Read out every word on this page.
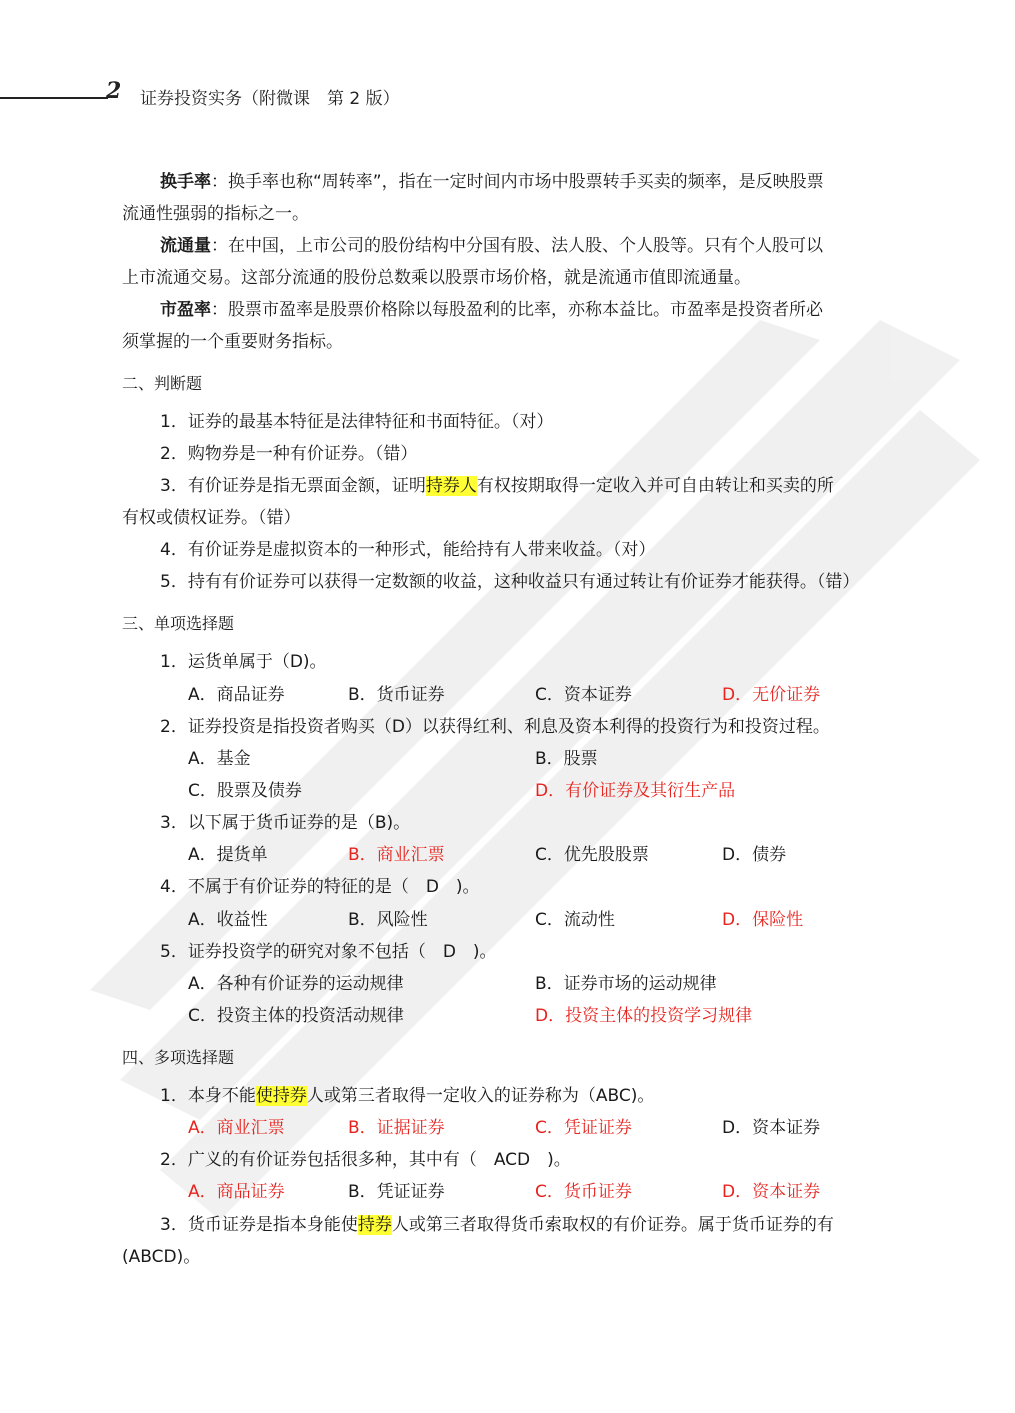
2 证券投资实务（附微课　第 2 版）
换手率：换手率也称“周转率”，指在一定时间内市场中股票转手买卖的频率，是反映股票
流通性强弱的指标之一。
流通量：在中国，上市公司的股份结构中分国有股、法人股、个人股等。只有个人股可以
上市流通交易。这部分流通的股份总数乘以股票市场价格，就是流通市值即流通量。
市盈率：股票市盈率是股票价格除以每股盈利的比率，亦称本益比。市盈率是投资者所必
须掌握的一个重要财务指标。
二、判断题
1．证券的最基本特征是法律特征和书面特征。（对）
2．购物券是一种有价证券。（错）
3．有价证券是指无票面金额，证明持券人有权按期取得一定收入并可自由转让和买卖的所
有权或债权证券。（错）
4．有价证券是虚拟资本的一种形式，能给持有人带来收益。（对）
5．持有有价证券可以获得一定数额的收益，这种收益只有通过转让有价证券才能获得。（错）
三、单项选择题
1．运货单属于（D)。
A．商品证券	B．货币证券	C．资本证券	D．无价证券
2．证券投资是指投资者购买（D）以获得红利、利息及资本利得的投资行为和投资过程。
A．基金	B．股票
C．股票及债券	D．有价证券及其衍生产品
3．以下属于货币证券的是（B)。
A．提货单	B．商业汇票	C．优先股股票	D．债券
4．不属于有价证券的特征的是（　D　)。
A．收益性	B．风险性	C．流动性	D．保险性
5．证券投资学的研究对象不包括（　D　)。
A．各种有价证券的运动规律	B．证券市场的运动规律
C．投资主体的投资活动规律	D．投资主体的投资学习规律
四、多项选择题
1．本身不能使持券人或第三者取得一定收入的证券称为（ABC)。
A．商业汇票	B．证据证券	C．凭证证券	D．资本证券
2．广义的有价证券包括很多种，其中有（　ACD　)。
A．商品证券	B．凭证证券	C．货币证券	D．资本证券
3．货币证券是指本身能使持券人或第三者取得货币索取权的有价证券。属于货币证券的有
(ABCD)。
